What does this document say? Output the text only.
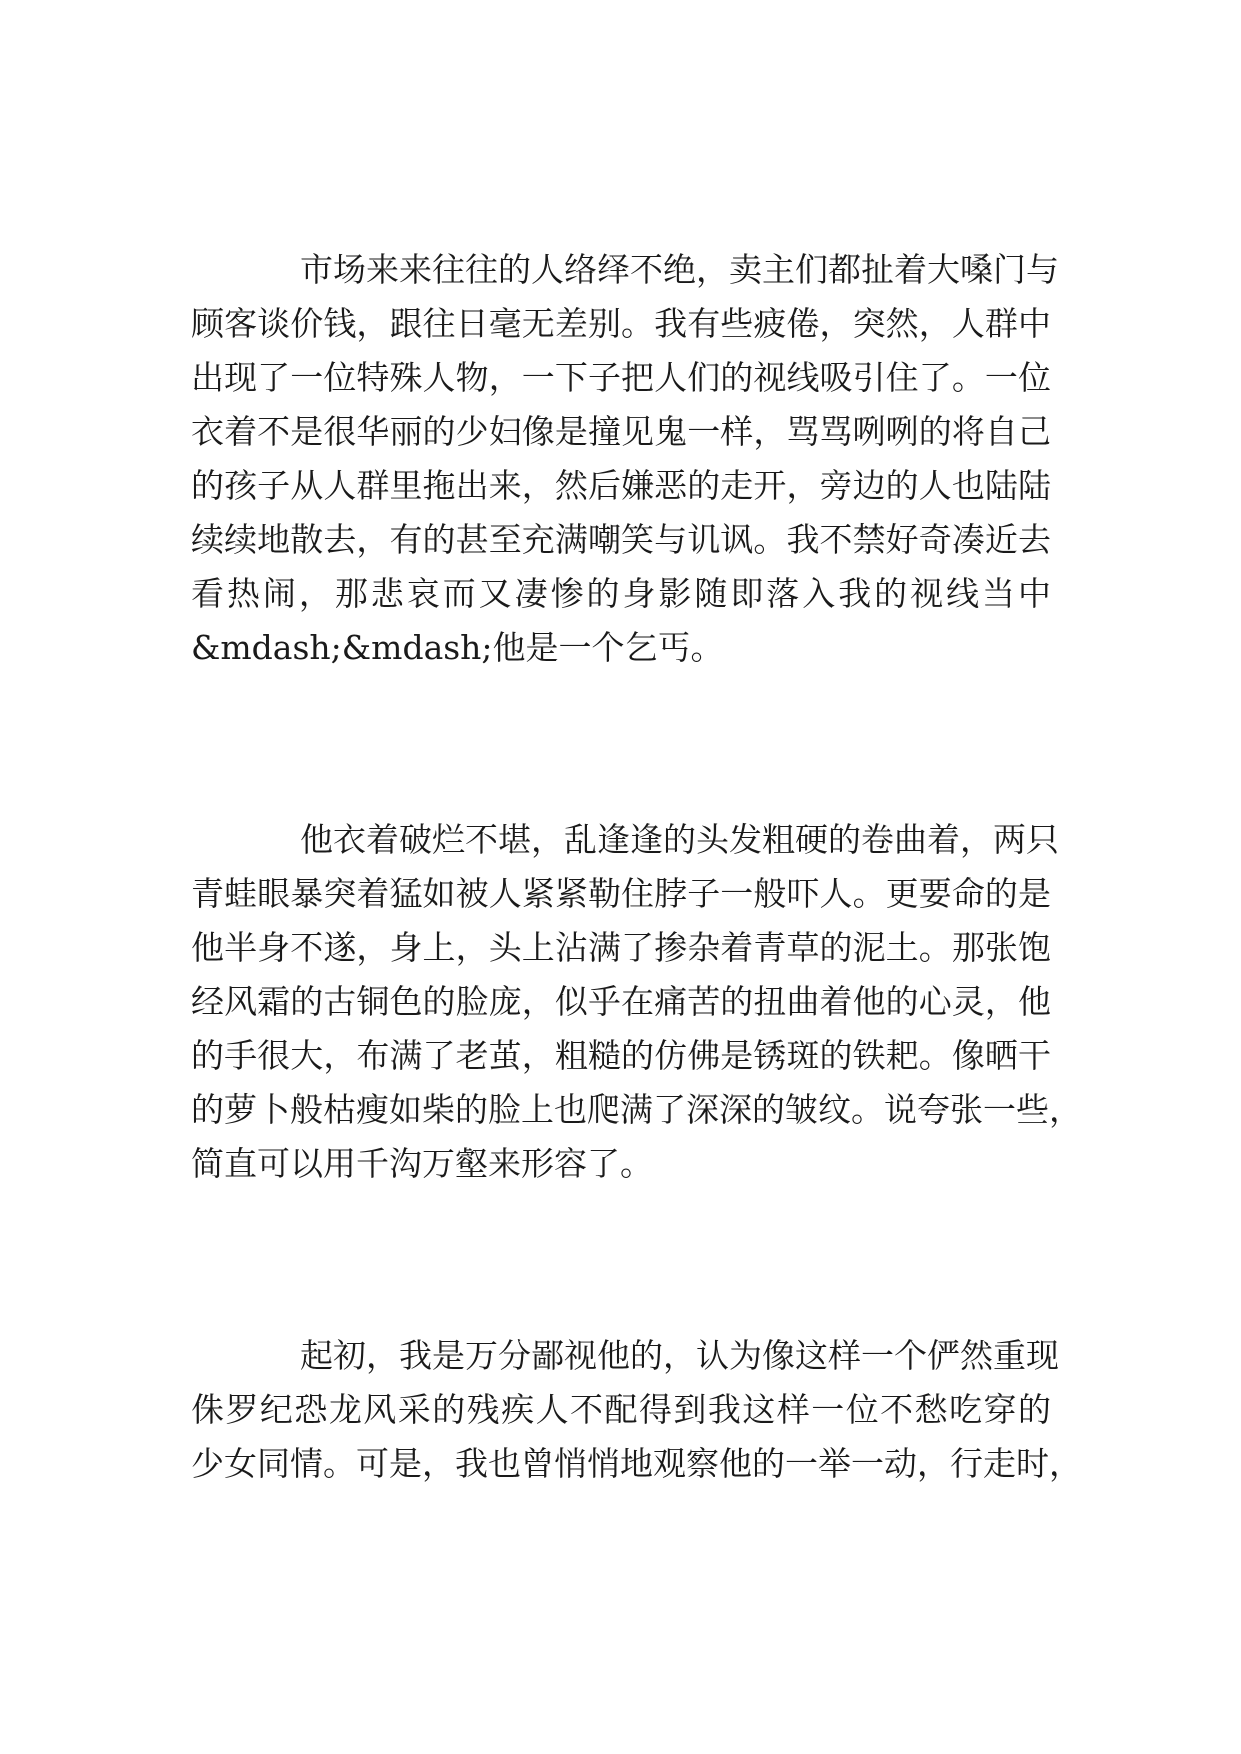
市场来来往往的人络绎不绝，卖主们都扯着大嗓门与
顾客谈价钱，跟往日毫无差别。我有些疲倦，突然，人群中
出现了一位特殊人物，一下子把人们的视线吸引住了。一位
衣着不是很华丽的少妇像是撞见鬼一样，骂骂咧咧的将自己
的孩子从人群里拖出来，然后嫌恶的走开，旁边的人也陆陆
续续地散去，有的甚至充满嘲笑与讥讽。我不禁好奇凑近去
看热闹，那悲哀而又凄惨的身影随即落入我的视线当中
&mdash;&mdash;他是一个乞丐。
他衣着破烂不堪，乱逢逢的头发粗硬的卷曲着，两只
青蛙眼暴突着猛如被人紧紧勒住脖子一般吓人。更要命的是
他半身不遂，身上，头上沾满了掺杂着青草的泥土。那张饱
经风霜的古铜色的脸庞，似乎在痛苦的扭曲着他的心灵，他
的手很大，布满了老茧，粗糙的仿佛是锈斑的铁耙。像晒干
的萝卜般枯瘦如柴的脸上也爬满了深深的皱纹。说夸张一些，
简直可以用千沟万壑来形容了。
起初，我是万分鄙视他的，认为像这样一个俨然重现
侏罗纪恐龙风采的残疾人不配得到我这样一位不愁吃穿的
少女同情。可是，我也曾悄悄地观察他的一举一动，行走时，
